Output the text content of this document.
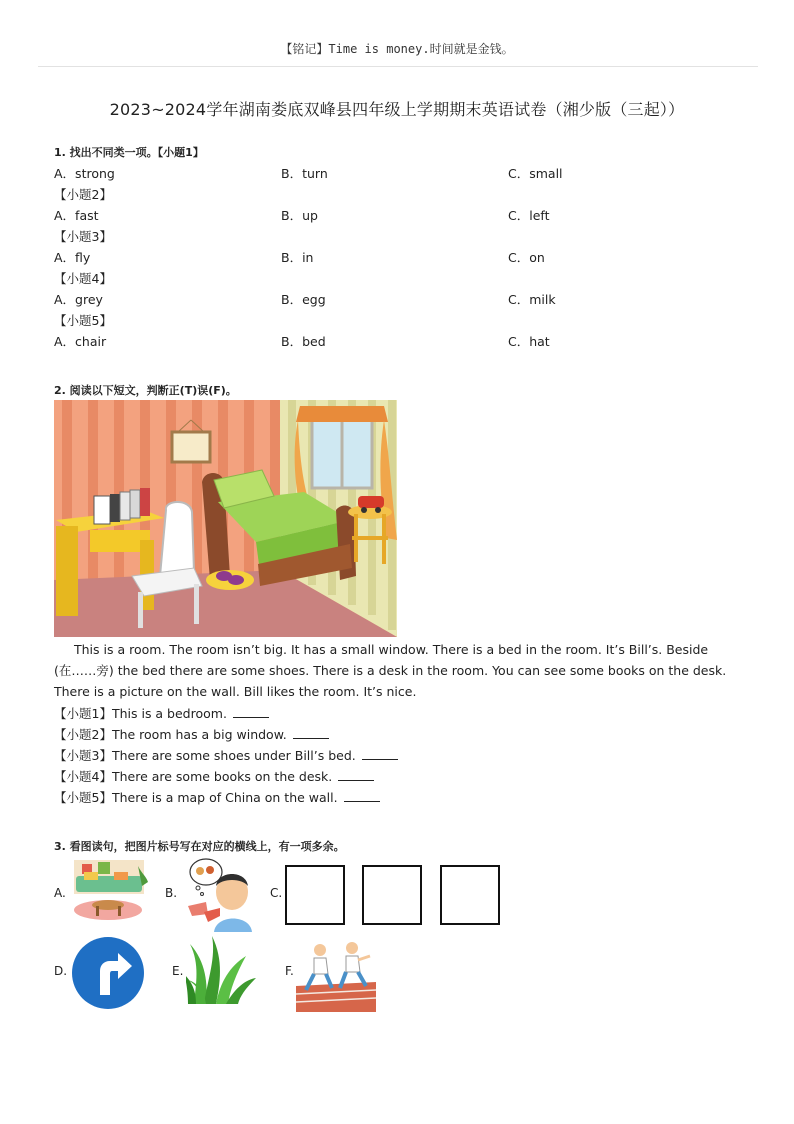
【铭记】Time is money.时间就是金钱。
2023~2024学年湖南娄底双峰县四年级上学期期末英语试卷（湘少版（三起））
1. 找出不同类一项。【小题1】
A．strong	B．turn	C．small
【小题2】
A．fast	B．up	C．left
【小题3】
A．fly	B．in	C．on
【小题4】
A．grey	B．egg	C．milk
【小题5】
A．chair	B．bed	C．hat
2. 阅读以下短文，判断正(T)误(F)。
This is a room. The room isn’t big. It has a small window. There is a bed in the room. It’s Bill’s. Beside (在……旁) the bed there are some shoes. There is a desk in the room. You can see some books on the desk. There is a picture on the wall. Bill likes the room. It’s nice.
【小题1】This is a bedroom.
【小题2】The room has a big window.
【小题3】There are some shoes under Bill’s bed.
【小题4】There are some books on the desk.
【小题5】There is a map of China on the wall.
3. 看图读句，把图片标号写在对应的横线上，有一项多余。
A.	B.	C.
D.	E.	F.
